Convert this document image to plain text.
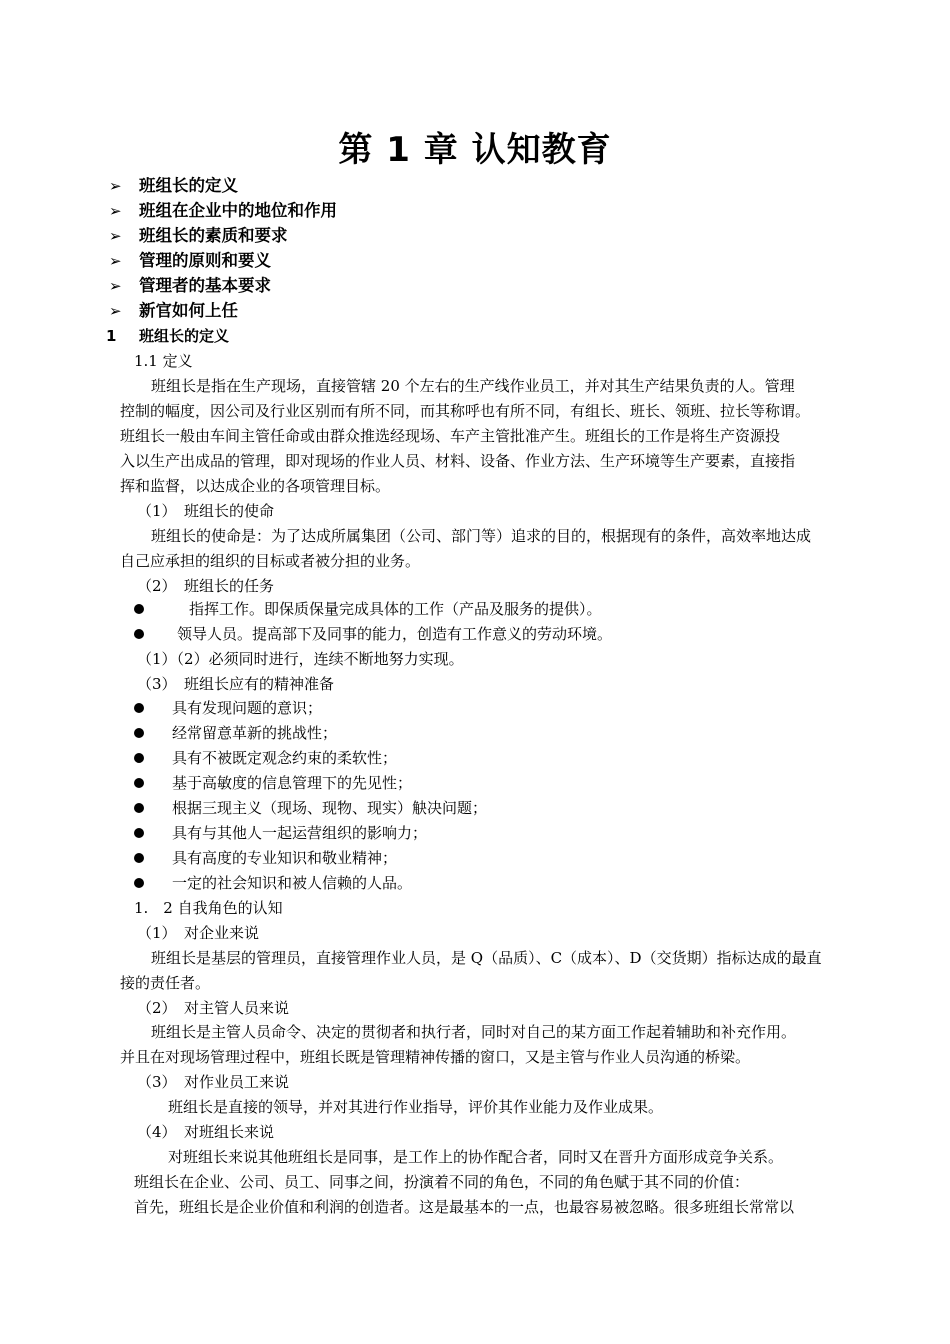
第 1 章 认知教育
➢ 班组长的定义
➢ 班组在企业中的地位和作用
➢ 班组长的素质和要求
➢ 管理的原则和要义
➢ 管理者的基本要求
➢ 新官如何上任
1 班组长的定义
1.1 定义
班组长是指在生产现场，直接管辖 20 个左右的生产线作业员工，并对其生产结果负责的人。管理
控制的幅度，因公司及行业区别而有所不同，而其称呼也有所不同，有组长、班长、领班、拉长等称谓。
班组长一般由车间主管任命或由群众推选经现场、车产主管批准产生。班组长的工作是将生产资源投
入以生产出成品的管理，即对现场的作业人员、材料、设备、作业方法、生产环境等生产要素，直接指
挥和监督，以达成企业的各项管理目标。
（1）　班组长的使命
班组长的使命是：为了达成所属集团（公司、部门等）追求的目的，根据现有的条件，高效率地达成
自己应承担的组织的目标或者被分担的业务。
（2）　班组长的任务
指挥工作。即保质保量完成具体的工作（产品及服务的提供）。
领导人员。提高部下及同事的能力，创造有工作意义的劳动环境。
（1）（2）必须同时进行，连续不断地努力实现。
（3）　班组长应有的精神准备
具有发现问题的意识；
经常留意革新的挑战性；
具有不被既定观念约束的柔软性；
基于高敏度的信息管理下的先见性；
根据三现主义（现场、现物、现实）觖决问题；
具有与其他人一起运营组织的影响力；
具有高度的专业知识和敬业精神；
一定的社会知识和被人信赖的人品。
1.　2 自我角色的认知
（1）　对企业来说
班组长是基层的管理员，直接管理作业人员，是 Q（品质）、C（成本）、D（交货期）指标达成的最直
接的责任者。
（2）　对主管人员来说
班组长是主管人员命令、决定的贯彻者和执行者，同时对自己的某方面工作起着辅助和补充作用。
并且在对现场管理过程中，班组长既是管理精神传播的窗口，又是主管与作业人员沟通的桥梁。
（3）　对作业员工来说
班组长是直接的领导，并对其进行作业指导，评价其作业能力及作业成果。
（4）　对班组长来说
对班组长来说其他班组长是同事，是工作上的协作配合者，同时又在晋升方面形成竞争关系。
班组长在企业、公司、员工、同事之间，扮演着不同的角色，不同的角色赋于其不同的价值：
首先，班组长是企业价值和利润的创造者。这是最基本的一点，也最容易被忽略。很多班组长常常以
